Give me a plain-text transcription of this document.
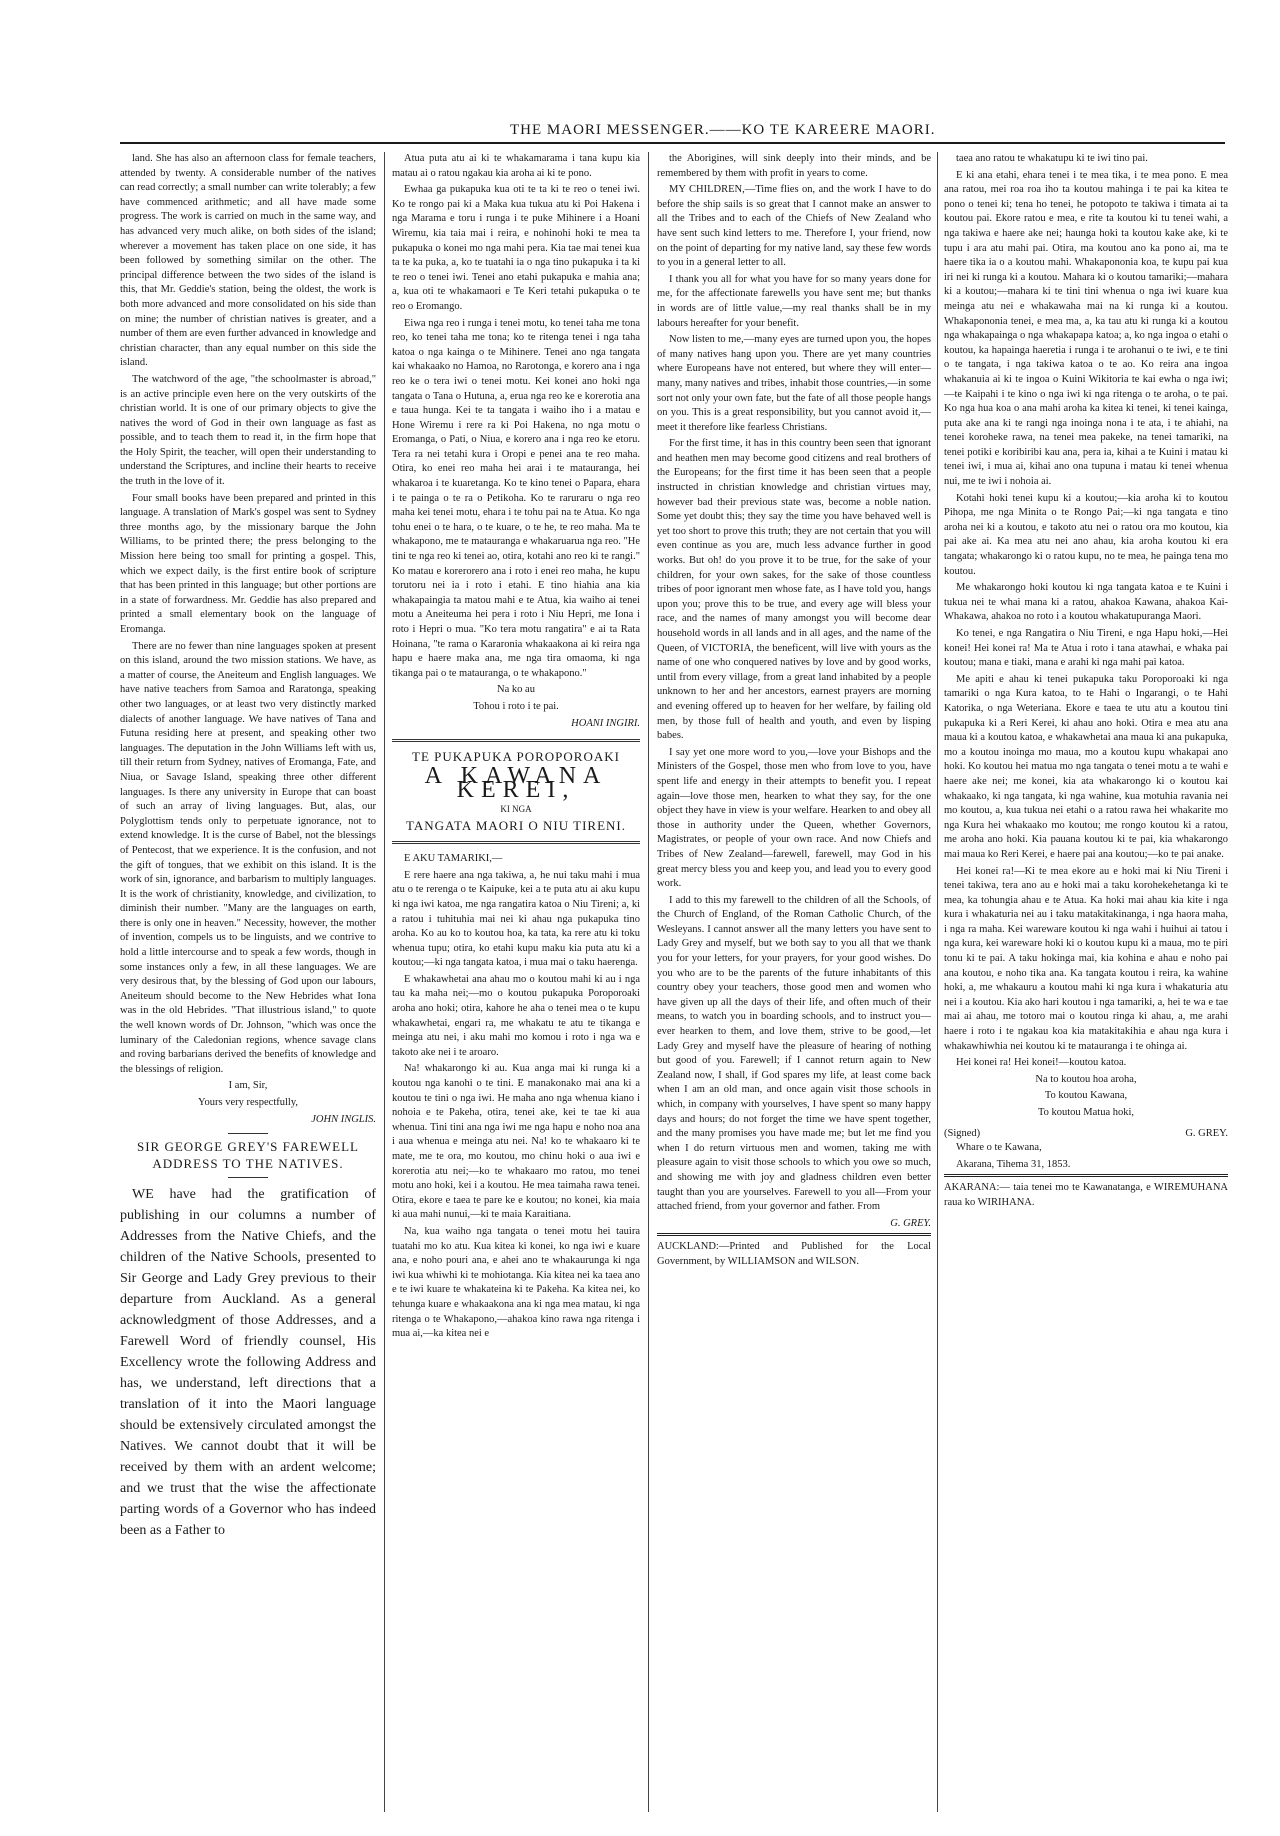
THE MAORI MESSENGER.——KO TE KAREERE MAORI.

land. She has also an afternoon class for female teachers, attended by twenty. A considerable number of the natives can read correctly; a small number can write tolerably; a few have commenced arithmetic; and all have made some progress. The work is carried on much in the same way, and has advanced very much alike, on both sides of the island; wherever a movement has taken place on one side, it has been followed by something similar on the other. The principal difference between the two sides of the island is this, that Mr. Geddie's station, being the oldest, the work is both more advanced and more consolidated on his side than on mine; the number of christian natives is greater, and a number of them are even further advanced in knowledge and christian character, than any equal number on this side the island.

The watchword of the age, "the schoolmaster is abroad," is an active principle even here on the very outskirts of the christian world. It is one of our primary objects to give the natives the word of God in their own language as fast as possible, and to teach them to read it, in the firm hope that the Holy Spirit, the teacher, will open their understanding to understand the Scriptures, and incline their hearts to receive the truth in the love of it.

Four small books have been prepared and printed in this language. A translation of Mark's gospel was sent to Sydney three months ago, by the missionary barque the John Williams, to be printed there; the press belonging to the Mission here being too small for printing a gospel. This, which we expect daily, is the first entire book of scripture that has been printed in this language; but other portions are in a state of forwardness. Mr. Geddie has also prepared and printed a small elementary book on the language of Eromanga.

There are no fewer than nine languages spoken at present on this island, around the two mission stations. We have, as a matter of course, the Aneiteum and English languages. We have native teachers from Samoa and Raratonga, speaking other two languages, or at least two very distinctly marked dialects of another language. We have natives of Tana and Futuna residing here at present, and speaking other two languages. The deputation in the John Williams left with us, till their return from Sydney, natives of Eromanga, Fate, and Niua, or Savage Island, speaking three other different languages. Is there any university in Europe that can boast of such an array of living languages. But, alas, our Polyglottism tends only to perpetuate ignorance, not to extend knowledge. It is the curse of Babel, not the blessings of Pentecost, that we experience. It is the confusion, and not the gift of tongues, that we exhibit on this island. It is the work of sin, ignorance, and barbarism to multiply languages. It is the work of christianity, knowledge, and civilization, to diminish their number. "Many are the languages on earth, there is only one in heaven." Necessity, however, the mother of invention, compels us to be linguists, and we contrive to hold a little intercourse and to speak a few words, though in some instances only a few, in all these languages. We are very desirous that, by the blessing of God upon our labours, Aneiteum should become to the New Hebrides what Iona was in the old Hebrides. "That illustrious island," to quote the well known words of Dr. Johnson, "which was once the luminary of the Caledonian regions, whence savage clans and roving barbarians derived the benefits of knowledge and the blessings of religion.

I am, Sir,

Yours very respectfully,

JOHN INGLIS.

SIR GEORGE GREY'S FAREWELL

ADDRESS TO THE NATIVES.

WE have had the gratification of publishing in our columns a number of Addresses from the Native Chiefs, and the children of the Native Schools, presented to Sir George and Lady Grey previous to their departure from Auckland. As a general acknowledgment of those Addresses, and a Farewell Word of friendly counsel, His Excellency wrote the following Address and has, we understand, left directions that a translation of it into the Maori language should be extensively circulated amongst the Natives. We cannot doubt that it will be received by them with an ardent welcome; and we trust that the wise the affectionate parting words of a Governor who has indeed been as a Father to

Atua puta atu ai ki te whakamarama i tana kupu kia matau ai o ratou ngakau kia aroha ai ki te pono.

Ewhaa ga pukapuka kua oti te ta ki te reo o tenei iwi. Ko te rongo pai ki a Maka kua tukua atu ki Poi Hakena i nga Marama e toru i runga i te puke Mihinere i a Hoani Wiremu, kia taia mai i reira, e nohinohi hoki te mea ta pukapuka o konei mo nga mahi pera. Kia tae mai tenei kua ta te ka puka, a, ko te tuatahi ia o nga tino pukapuka i ta ki te reo o tenei iwi. Tenei ano etahi pukapuka e mahia ana; a, kua oti te whakamaori e Te Keri tetahi pukapuka o te reo o Eromango.

Eiwa nga reo i runga i tenei motu, ko tenei taha me tona reo, ko tenei taha me tona; ko te ritenga tenei i nga taha katoa o nga kainga o te Mihinere. Tenei ano nga tangata kai whakaako no Hamoa, no Rarotonga, e korero ana i nga reo ke o tera iwi o tenei motu. Kei konei ano hoki nga tangata o Tana o Hutuna, a, erua nga reo ke e korerotia ana e taua hunga. Kei te ta tangata i waiho iho i a matau e Hone Wiremu i rere ra ki Poi Hakena, no nga motu o Eromanga, o Pati, o Niua, e korero ana i nga reo ke etoru. Tera ra nei tetahi kura i Oropi e penei ana te reo maha. Otira, ko enei reo maha hei arai i te matauranga, hei whakaroa i te kuaretanga. Ko te kino tenei o Papara, ehara i te painga o te ra o Petikoha. Ko te raruraru o nga reo maha kei tenei motu, ehara i te tohu pai na te Atua. Ko nga tohu enei o te hara, o te kuare, o te he, te reo maha. Ma te whakapono, me te matauranga e whakaruarua nga reo. "He tini te nga reo ki tenei ao, otira, kotahi ano reo ki te rangi." Ko matau e korerorero ana i roto i enei reo maha, he kupu torutoru nei ia i roto i etahi. E tino hiahia ana kia whakapaingia ta matou mahi e te Atua, kia waiho ai tenei motu a Aneiteuma hei pera i roto i Niu Hepri, me Iona i roto i Hepri o mua. "Ko tera motu rangatira" e ai ta Rata Hoinana, "te rama o Kararonia whakaakona ai ki reira nga hapu e haere maka ana, me nga tira omaoma, ki nga tikanga pai o te matauranga, o te whakapono."

Na ko au

Tohou i roto i te pai.

HOANI INGIRI.

TE PUKAPUKA POROPOROAKI

A KAWANA KEREI,

KI NGA

TANGATA MAORI O NIU TIRENI.

E AKU TAMARIKI,—

E rere haere ana nga takiwa, a, he nui taku mahi i mua atu o te rerenga o te Kaipuke, kei a te puta atu ai aku kupu ki nga iwi katoa, me nga rangatira katoa o Niu Tireni; a, ki a ratou i tuhituhia mai nei ki ahau nga pukapuka tino aroha. Ko au ko to koutou hoa, ka tata, ka rere atu ki toku whenua tupu; otira, ko etahi kupu maku kia puta atu ki a koutou;—ki nga tangata katoa, i mua mai o taku haerenga.

E whakawhetai ana ahau mo o koutou mahi ki au i nga tau ka maha nei;—mo o koutou pukapuka Poroporoaki aroha ano hoki; otira, kahore he aha o tenei mea o te kupu whakawhetai, engari ra, me whakatu te atu te tikanga e meinga atu nei, i aku mahi mo komou i roto i nga wa e takoto ake nei i te aroaro.

Na! whakarongo ki au. Kua anga mai ki runga ki a koutou nga kanohi o te tini. E manakonako mai ana ki a koutou te tini o nga iwi. He maha ano nga whenua kiano i nohoia e te Pakeha, otira, tenei ake, kei te tae ki aua whenua. Tini tini ana nga iwi me nga hapu e noho noa ana i aua whenua e meinga atu nei. Na! ko te whakaaro ki te mate, me te ora, mo koutou, mo chinu hoki o aua iwi e korerotia atu nei;—ko te whakaaro mo ratou, mo tenei motu ano hoki, kei i a koutou. He mea taimaha rawa tenei. Otira, ekore e taea te pare ke e koutou; no konei, kia maia ki aua mahi nunui,—ki te maia Karaitiana.

Na, kua waiho nga tangata o tenei motu hei tauira tuatahi mo ko atu. Kua kitea ki konei, ko nga iwi e kuare ana, e noho pouri ana, e ahei ano te whakaurunga ki nga iwi kua whiwhi ki te mohiotanga. Kia kitea nei ka taea ano e te iwi kuare te whakateina ki te Pakeha. Ka kitea nei, ko tehunga kuare e whakaakona ana ki nga mea matau, ki nga ritenga o te Whakapono,—ahakoa kino rawa nga ritenga i mua ai,—ka kitea nei e

the Aborigines, will sink deeply into their minds, and be remembered by them with profit in years to come.

MY CHILDREN,—Time flies on, and the work I have to do before the ship sails is so great that I cannot make an answer to all the Tribes and to each of the Chiefs of New Zealand who have sent such kind letters to me. Therefore I, your friend, now on the point of departing for my native land, say these few words to you in a general letter to all.

I thank you all for what you have for so many years done for me, for the affectionate farewells you have sent me; but thanks in words are of little value,—my real thanks shall be in my labours hereafter for your benefit.

Now listen to me,—many eyes are turned upon you, the hopes of many natives hang upon you. There are yet many countries where Europeans have not entered, but where they will enter—many, many natives and tribes, inhabit those countries,—in some sort not only your own fate, but the fate of all those people hangs on you. This is a great responsibility, but you cannot avoid it,—meet it therefore like fearless Christians.

For the first time, it has in this country been seen that ignorant and heathen men may become good citizens and real brothers of the Europeans; for the first time it has been seen that a people instructed in christian knowledge and christian virtues may, however bad their previous state was, become a noble nation. Some yet doubt this; they say the time you have behaved well is yet too short to prove this truth; they are not certain that you will even continue as you are, much less advance further in good works. But oh! do you prove it to be true, for the sake of your children, for your own sakes, for the sake of those countless tribes of poor ignorant men whose fate, as I have told you, hangs upon you; prove this to be true, and every age will bless your race, and the names of many amongst you will become dear household words in all lands and in all ages, and the name of the Queen, of VICTORIA, the beneficent, will live with yours as the name of one who conquered natives by love and by good works, until from every village, from a great land inhabited by a people unknown to her and her ancestors, earnest prayers are morning and evening offered up to heaven for her welfare, by failing old men, by those full of health and youth, and even by lisping babes.

I say yet one more word to you,—love your Bishops and the Ministers of the Gospel, those men who from love to you, have spent life and energy in their attempts to benefit you. I repeat again—love those men, hearken to what they say, for the one object they have in view is your welfare. Hearken to and obey all those in authority under the Queen, whether Governors, Magistrates, or people of your own race. And now Chiefs and Tribes of New Zealand—farewell, farewell, may God in his great mercy bless you and keep you, and lead you to every good work.

I add to this my farewell to the children of all the Schools, of the Church of England, of the Roman Catholic Church, of the Wesleyans. I cannot answer all the many letters you have sent to Lady Grey and myself, but we both say to you all that we thank you for your letters, for your prayers, for your good wishes. Do you who are to be the parents of the future inhabitants of this country obey your teachers, those good men and women who have given up all the days of their life, and often much of their means, to watch you in boarding schools, and to instruct you—ever hearken to them, and love them, strive to be good,—let Lady Grey and myself have the pleasure of hearing of nothing but good of you. Farewell; if I cannot return again to New Zealand now, I shall, if God spares my life, at least come back when I am an old man, and once again visit those schools in which, in company with yourselves, I have spent so many happy days and hours; do not forget the time we have spent together, and the many promises you have made me; but let me find you when I do return virtuous men and women, taking me with pleasure again to visit those schools to which you owe so much, and showing me with joy and gladness children even better taught than you are yourselves. Farewell to you all—From your attached friend, from your governor and father. From

G. GREY.

AUCKLAND:—Printed and Published for the Local Government, by WILLIAMSON and WILSON.

taea ano ratou te whakatupu ki te iwi tino pai.

E ki ana etahi, ehara tenei i te mea tika, i te mea pono. E mea ana ratou, mei roa roa iho ta koutou mahinga i te pai ka kitea te pono o tenei ki; tena ho tenei, he potopoto te takiwa i timata ai ta koutou pai. Ekore ratou e mea, e rite ta koutou ki tu tenei wahi, a nga takiwa e haere ake nei; haunga hoki ta koutou kake ake, ki te tupu i ara atu mahi pai. Otira, ma koutou ano ka pono ai, ma te haere tika ia o a koutou mahi. Whakapononia koa, te kupu pai kua iri nei ki runga ki a koutou. Mahara ki o koutou tamariki;—mahara ki a koutou;—mahara ki te tini tini whenua o nga iwi kuare kua meinga atu nei e whakawaha mai na ki runga ki a koutou. Whakapononia tenei, e mea ma, a, ka tau atu ki runga ki a koutou nga whakapainga o nga whakapapa katoa; a, ko nga ingoa o etahi o koutou, ka hapainga haeretia i runga i te arohanui o te iwi, e te tini o te tangata, i nga takiwa katoa o te ao. Ko reira ana ingoa whakanuia ai ki te ingoa o Kuini Wikitoria te kai ewha o nga iwi;—te Kaipahi i te kino o nga iwi ki nga ritenga o te aroha, o te pai. Ko nga hua koa o ana mahi aroha ka kitea ki tenei, ki tenei kainga, puta ake ana ki te rangi nga inoinga nona i te ata, i te ahiahi, na tenei koroheke rawa, na tenei mea pakeke, na tenei tamariki, na tenei potiki e koribiribi kau ana, pera ia, kihai a te Kuini i matau ki tenei iwi, i mua ai, kihai ano ona tupuna i matau ki tenei whenua nui, me te iwi i nohoia ai.

Kotahi hoki tenei kupu ki a koutou;—kia aroha ki to koutou Pihopa, me nga Minita o te Rongo Pai;—ki nga tangata e tino aroha nei ki a koutou, e takoto atu nei o ratou ora mo koutou, kia pai ake ai. Ka mea atu nei ano ahau, kia aroha koutou ki era tangata; whakarongo ki o ratou kupu, no te mea, he painga tena mo koutou.

Me whakarongo hoki koutou ki nga tangata katoa e te Kuini i tukua nei te whai mana ki a ratou, ahakoa Kawana, ahakoa Kai-Whakawa, ahakoa no roto i a koutou whakatupuranga Maori.

Ko tenei, e nga Rangatira o Niu Tireni, e nga Hapu hoki,—Hei konei! Hei konei ra! Ma te Atua i roto i tana atawhai, e whaka pai koutou; mana e tiaki, mana e arahi ki nga mahi pai katoa.

Me apiti e ahau ki tenei pukapuka taku Poroporoaki ki nga tamariki o nga Kura katoa, to te Hahi o Ingarangi, o te Hahi Katorika, o nga Weteriana. Ekore e taea te utu atu a koutou tini pukapuka ki a Reri Kerei, ki ahau ano hoki. Otira e mea atu ana maua ki a koutou katoa, e whakawhetai ana maua ki ana pukapuka, mo a koutou inoinga mo maua, mo a koutou kupu whakapai ano hoki. Ko koutou hei matua mo nga tangata o tenei motu a te wahi e haere ake nei; me konei, kia ata whakarongo ki o koutou kai whakaako, ki nga tangata, ki nga wahine, kua motuhia ravania nei mo koutou, a, kua tukua nei etahi o a ratou rawa hei whakarite mo nga Kura hei whakaako mo koutou; me rongo koutou ki a ratou, me aroha ano hoki. Kia pauana koutou ki te pai, kia whakarongo mai maua ko Reri Kerei, e haere pai ana koutou;—ko te pai anake.

Hei konei ra!—Ki te mea ekore au e hoki mai ki Niu Tireni i tenei takiwa, tera ano au e hoki mai a taku korohekehetanga ki te mea, ka tohungia ahau e te Atua. Ka hoki mai ahau kia kite i nga kura i whakaturia nei au i taku matakitakinanga, i nga haora maha, i nga ra maha. Kei wareware koutou ki nga wahi i huihui ai tatou i nga kura, kei wareware hoki ki o koutou kupu ki a maua, mo te piri tonu ki te pai. A taku hokinga mai, kia kohina e ahau e noho pai ana koutou, e noho tika ana. Ka tangata koutou i reira, ka wahine hoki, a, me whakauru a koutou mahi ki nga kura i whakaturia atu nei i a koutou. Kia ako hari koutou i nga tamariki, a, hei te wa e tae mai ai ahau, me totoro mai o koutou ringa ki ahau, a, me arahi haere i roto i te ngakau koa kia matakitakihia e ahau nga kura i whakawhiwhia nei koutou ki te matauranga i te ohinga ai.

Hei konei ra! Hei konei!—koutou katoa.

Na to koutou hoa aroha,

To koutou Kawana,

To koutou Matua hoki,

(Signed)	G. GREY.

Whare o te Kawana,

Akarana, Tihema 31, 1853.

AKARANA:— taia tenei mo te Kawanatanga, e WIREMUHANA raua ko WIRIHANA.
